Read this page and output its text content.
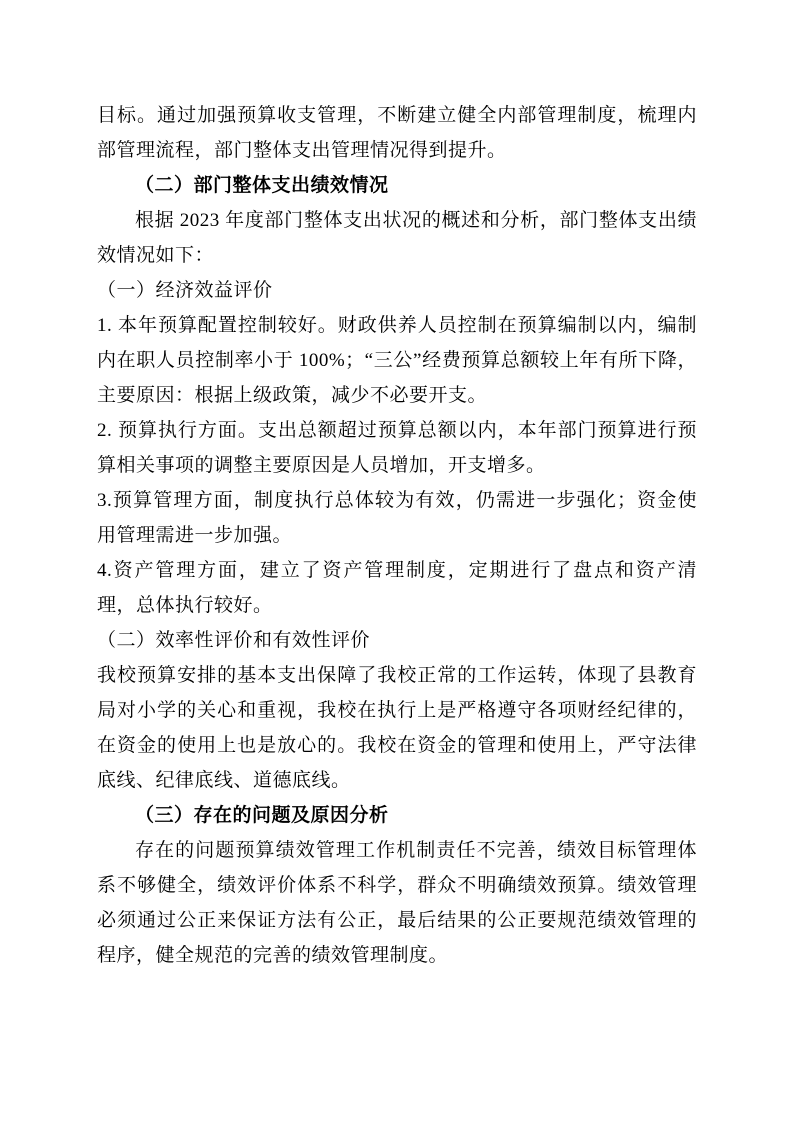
目标。通过加强预算收支管理，不断建立健全内部管理制度，梳理内部管理流程，部门整体支出管理情况得到提升。

（二）部门整体支出绩效情况

根据 2023 年度部门整体支出状况的概述和分析，部门整体支出绩效情况如下：

（一）经济效益评价

1. 本年预算配置控制较好。财政供养人员控制在预算编制以内，编制内在职人员控制率小于 100%；“三公”经费预算总额较上年有所下降，主要原因：根据上级政策，减少不必要开支。

2. 预算执行方面。支出总额超过预算总额以内，本年部门预算进行预算相关事项的调整主要原因是人员增加，开支增多。

3.预算管理方面，制度执行总体较为有效，仍需进一步强化；资金使用管理需进一步加强。

4.资产管理方面，建立了资产管理制度，定期进行了盘点和资产清理，总体执行较好。

（二）效率性评价和有效性评价

我校预算安排的基本支出保障了我校正常的工作运转，体现了县教育局对小学的关心和重视，我校在执行上是严格遵守各项财经纪律的，在资金的使用上也是放心的。我校在资金的管理和使用上，严守法律底线、纪律底线、道德底线。

（三）存在的问题及原因分析

存在的问题预算绩效管理工作机制责任不完善，绩效目标管理体系不够健全，绩效评价体系不科学，群众不明确绩效预算。绩效管理必须通过公正来保证方法有公正，最后结果的公正要规范绩效管理的程序，健全规范的完善的绩效管理制度。
